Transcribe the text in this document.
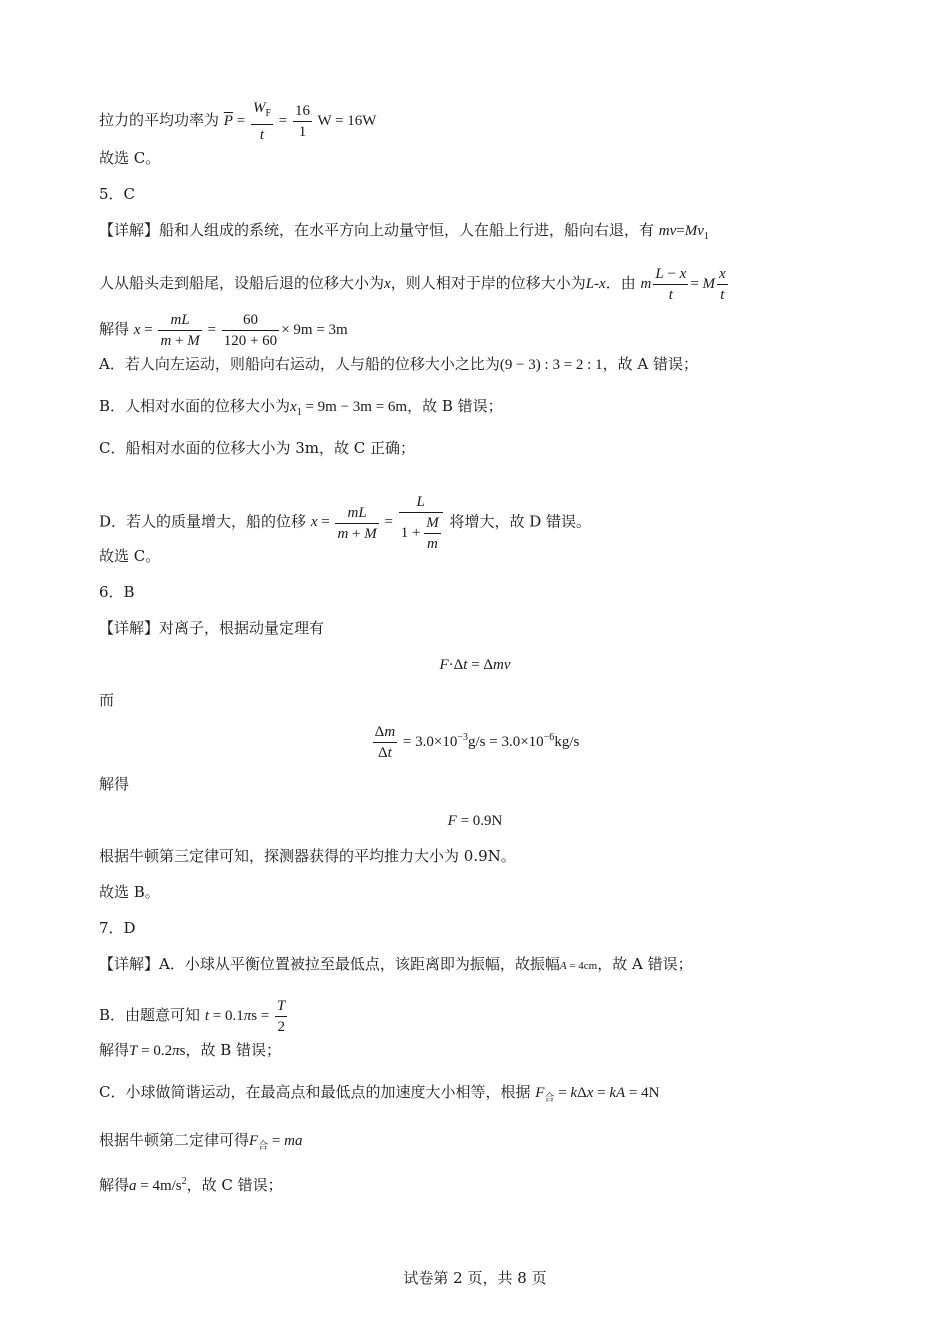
拉力的平均功率为 $\overline{P} = \frac{W_F}{t} = \frac{16}{1}$ W = 16W
故选 C。
5．C
【详解】船和人组成的系统，在水平方向上动量守恒，人在船上行进，船向右退，有 $mv=Mv_1$
人从船头走到船尾，设船后退的位移大小为x，则人相对于岸的位移大小为L-x．由 m $\frac{L - x}{t} = M \frac{x}{t}$
解得 $x = \frac{mL}{m + M} = \frac{60}{120 + 60} \times 9m = 3m$
A．若人向左运动，则船向右运动，人与船的位移大小之比为(9 − 3) : 3 = 2 : 1，故 A 错误；
B．人相对水面的位移大小为$x_1 = 9m - 3m = 6m$，故 B 错误；
C．船相对水面的位移大小为 3m，故 C 正确；
D．若人的质量增大，船的位移 $x = \frac{mL}{m + M} = \frac{L}{1 + \frac{M}{m}}$ 将增大，故 D 错误。
故选 C。
6．B
【详解】对离子，根据动量定理有
F·Δt = Δmv
而
$\frac{\Delta m}{\Delta t} = 3.0\times 10^{-3}g/s = 3.0\times 10^{-6}kg/s$
解得
F = 0.9N
根据牛顿第三定律可知，探测器获得的平均推力大小为 0.9N。
故选 B。
7．D
【详解】A．小球从平衡位置被拉至最低点，该距离即为振幅，故振幅A = 4cm，故 A 错误；
B．由题意可知 $t = 0.1\pi s = \frac{T}{2}$
解得T = 0.2πs，故 B 错误；
C．小球做简谐运动，在最高点和最低点的加速度大小相等，根据 $F_合 = k\Delta x$ = kA = 4N
根据牛顿第二定律可得$F_合$ = ma
解得$a = 4m/s^2$，故 C 错误；
试卷第 2 页，共 8 页
